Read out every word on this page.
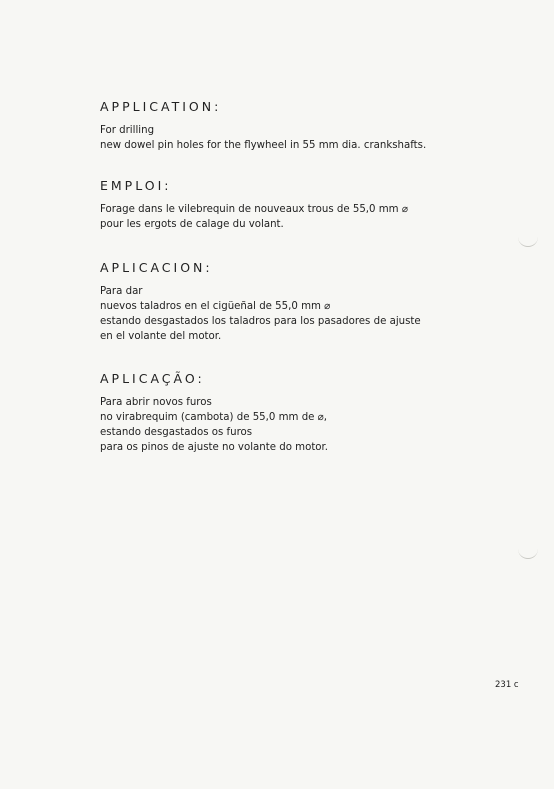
APPLICATION:
For drilling
new dowel pin holes for the flywheel in 55 mm dia. crankshafts.
EMPLOI:
Forage dans le vilebrequin de nouveaux trous de 55,0 mm ⌀
pour les ergots de calage du volant.
APLICACION:
Para dar
nuevos taladros en el cigüeñal de 55,0 mm ⌀
estando desgastados los taladros para los pasadores de ajuste
en el volante del motor.
APLICAÇÃO:
Para abrir novos furos
no virabrequim (cambota) de 55,0 mm de ⌀,
estando desgastados os furos
para os pinos de ajuste no volante do motor.
231 c
